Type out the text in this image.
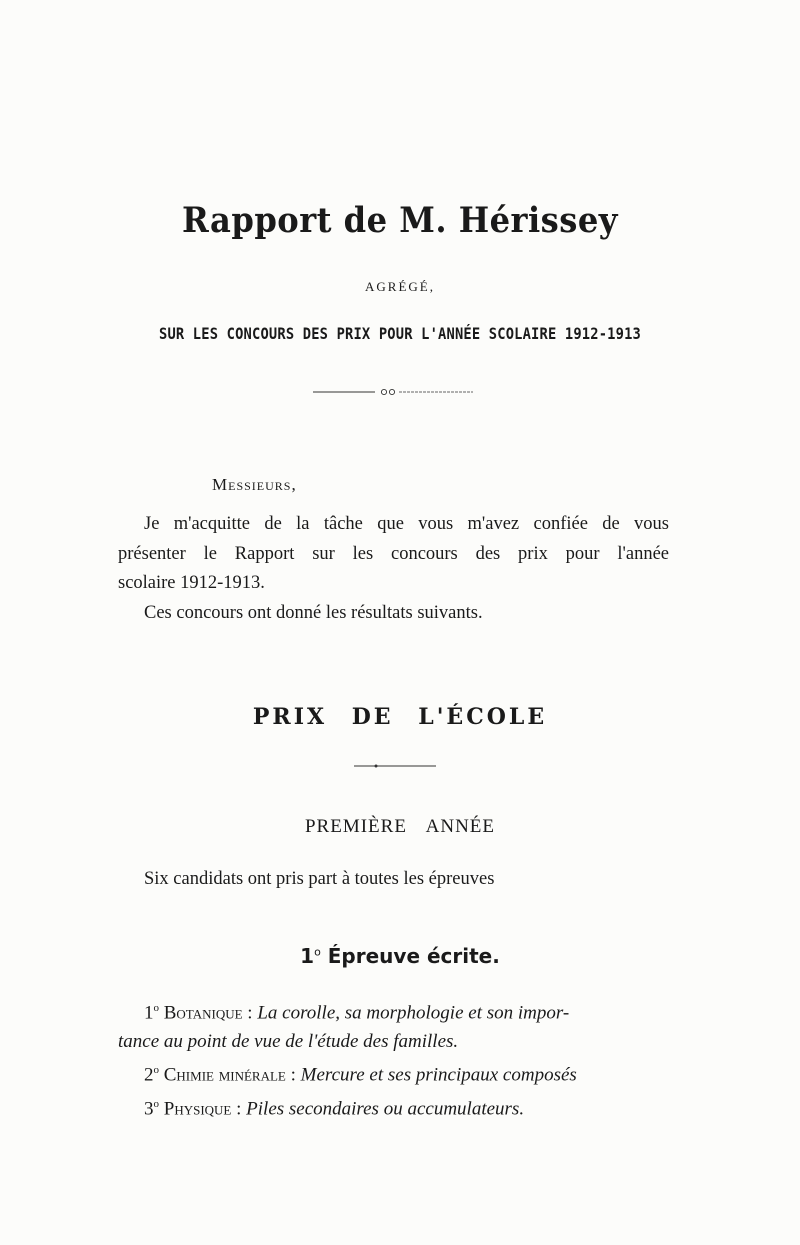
Rapport de M. Hérissey
AGRÉGÉ,
SUR LES CONCOURS DES PRIX POUR L'ANNÉE SCOLAIRE 1912-1913
Messieurs,
Je m'acquitte de la tâche que vous m'avez confiée de vous
présenter le Rapport sur les concours des prix pour l'année
scolaire 1912-1913.
Ces concours ont donné les résultats suivants.
PRIX DE L'ÉCOLE
PREMIÈRE ANNÉE
Six candidats ont pris part à toutes les épreuves
1$^o$ Épreuve écrite.
1$^o$ Botanique : La corolle, sa morphologie et son impor-
tance au point de vue de l'étude des familles.
2$^o$ Chimie minérale : Mercure et ses principaux composés
3$^o$ Physique : Piles secondaires ou accumulateurs.
